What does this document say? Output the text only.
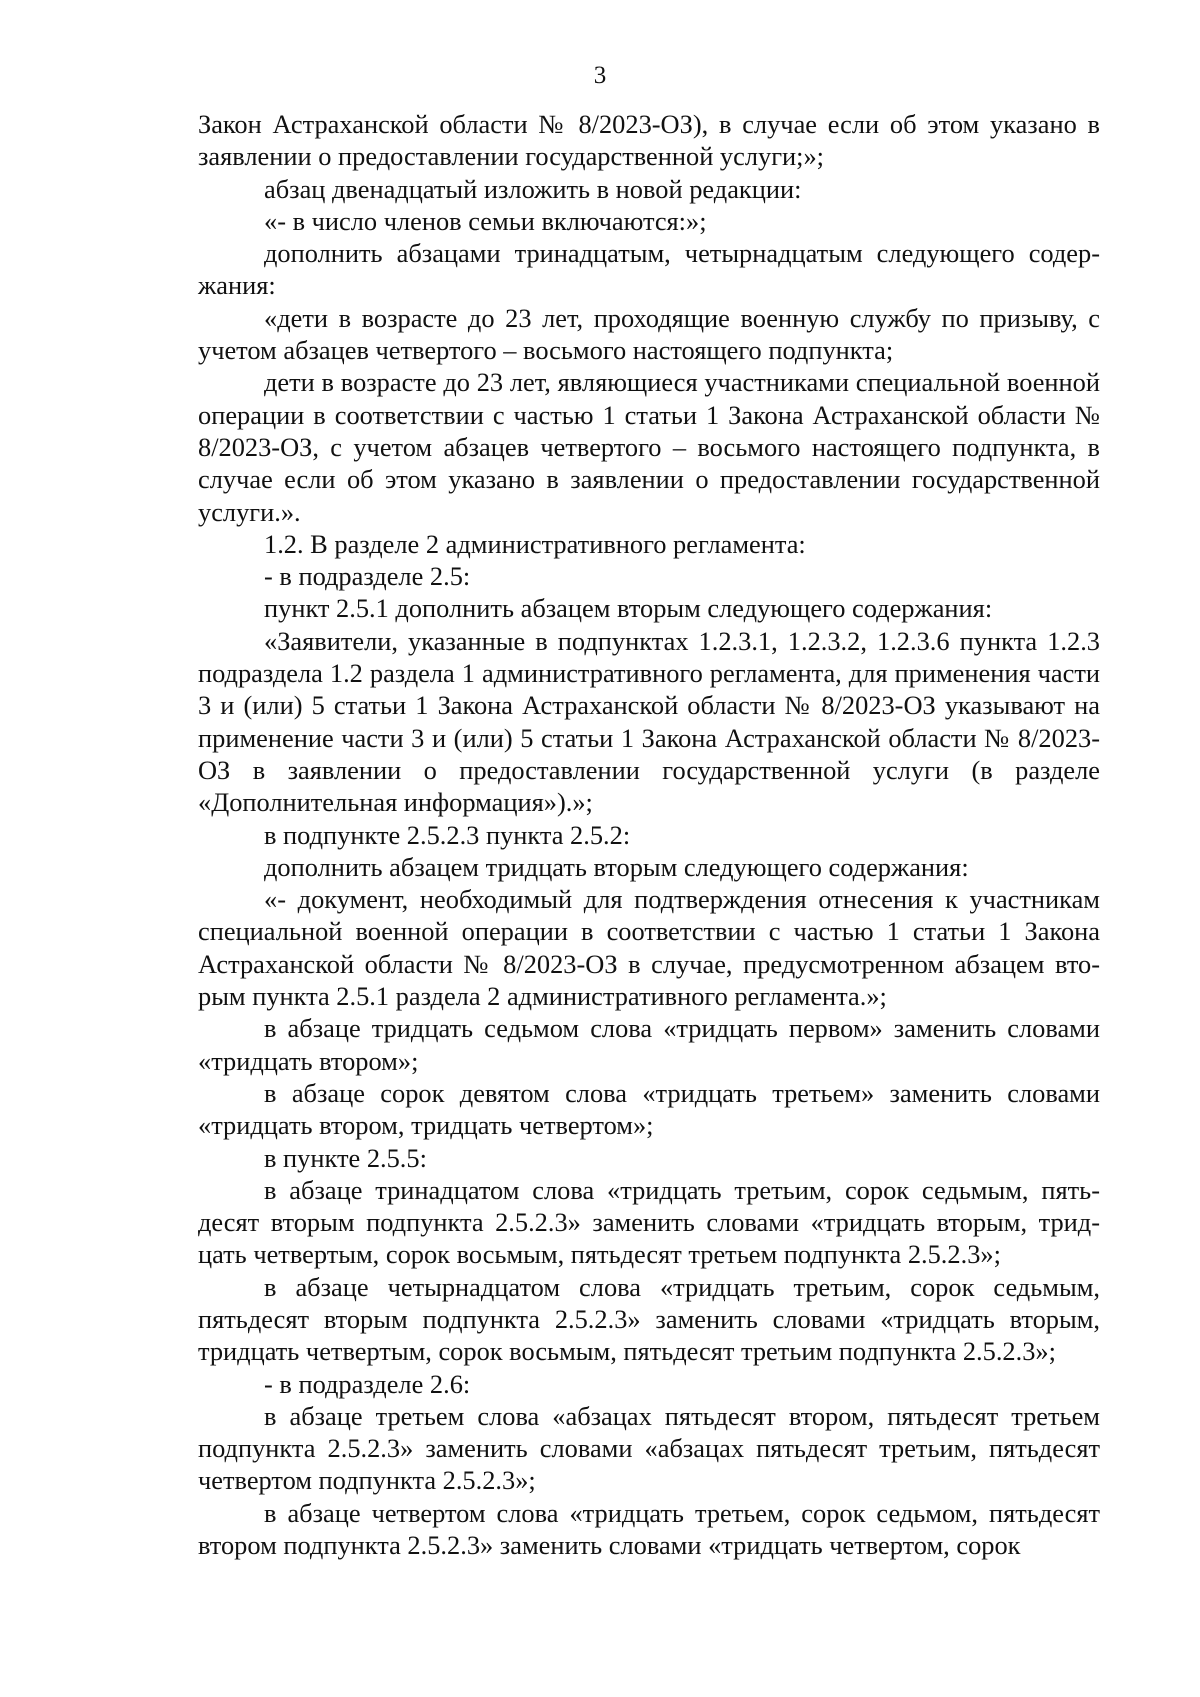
3

Закон Астраханской области № 8/2023-ОЗ), в случае если об этом указано в заявлении о предоставлении государственной услуги;»;

абзац двенадцатый изложить в новой редакции:

«- в число членов семьи включаются:»;

дополнить абзацами тринадцатым, четырнадцатым следующего содержания:

«дети в возрасте до 23 лет, проходящие военную службу по призыву, с учетом абзацев четвертого – восьмого настоящего подпункта;

дети в возрасте до 23 лет, являющиеся участниками специальной военной операции в соответствии с частью 1 статьи 1 Закона Астраханской области № 8/2023-ОЗ, с учетом абзацев четвертого – восьмого настоящего подпункта, в случае если об этом указано в заявлении о предоставлении государственной услуги.».

1.2. В разделе 2 административного регламента:

- в подразделе 2.5:

пункт 2.5.1 дополнить абзацем вторым следующего содержания:

«Заявители, указанные в подпунктах 1.2.3.1, 1.2.3.2, 1.2.3.6 пункта 1.2.3 подраздела 1.2 раздела 1 административного регламента, для применения части 3 и (или) 5 статьи 1 Закона Астраханской области № 8/2023-ОЗ указывают на применение части 3 и (или) 5 статьи 1 Закона Астраханской области № 8/2023-ОЗ в заявлении о предоставлении государственной услуги (в разделе «Дополнительная информация»).»;

в подпункте 2.5.2.3 пункта 2.5.2:

дополнить абзацем тридцать вторым следующего содержания:

«- документ, необходимый для подтверждения отнесения к участникам специальной военной операции в соответствии с частью 1 статьи 1 Закона Астраханской области № 8/2023-ОЗ в случае, предусмотренном абзацем вторым пункта 2.5.1 раздела 2 административного регламента.»;

в абзаце тридцать седьмом слова «тридцать первом» заменить словами «тридцать втором»;

в абзаце сорок девятом слова «тридцать третьем» заменить словами «тридцать втором, тридцать четвертом»;

в пункте 2.5.5:

в абзаце тринадцатом слова «тридцать третьим, сорок седьмым, пятьдесят вторым подпункта 2.5.2.3» заменить словами «тридцать вторым, тридцать четвертым, сорок восьмым, пятьдесят третьем подпункта 2.5.2.3»;

в абзаце четырнадцатом слова «тридцать третьим, сорок седьмым, пятьдесят вторым подпункта 2.5.2.3» заменить словами «тридцать вторым, тридцать четвертым, сорок восьмым, пятьдесят третьим подпункта 2.5.2.3»;

- в подразделе 2.6:

в абзаце третьем слова «абзацах пятьдесят втором, пятьдесят третьем подпункта 2.5.2.3» заменить словами «абзацах пятьдесят третьим, пятьдесят четвертом подпункта 2.5.2.3»;

в абзаце четвертом слова «тридцать третьем, сорок седьмом, пятьдесят втором подпункта 2.5.2.3» заменить словами «тридцать четвертом, сорок
